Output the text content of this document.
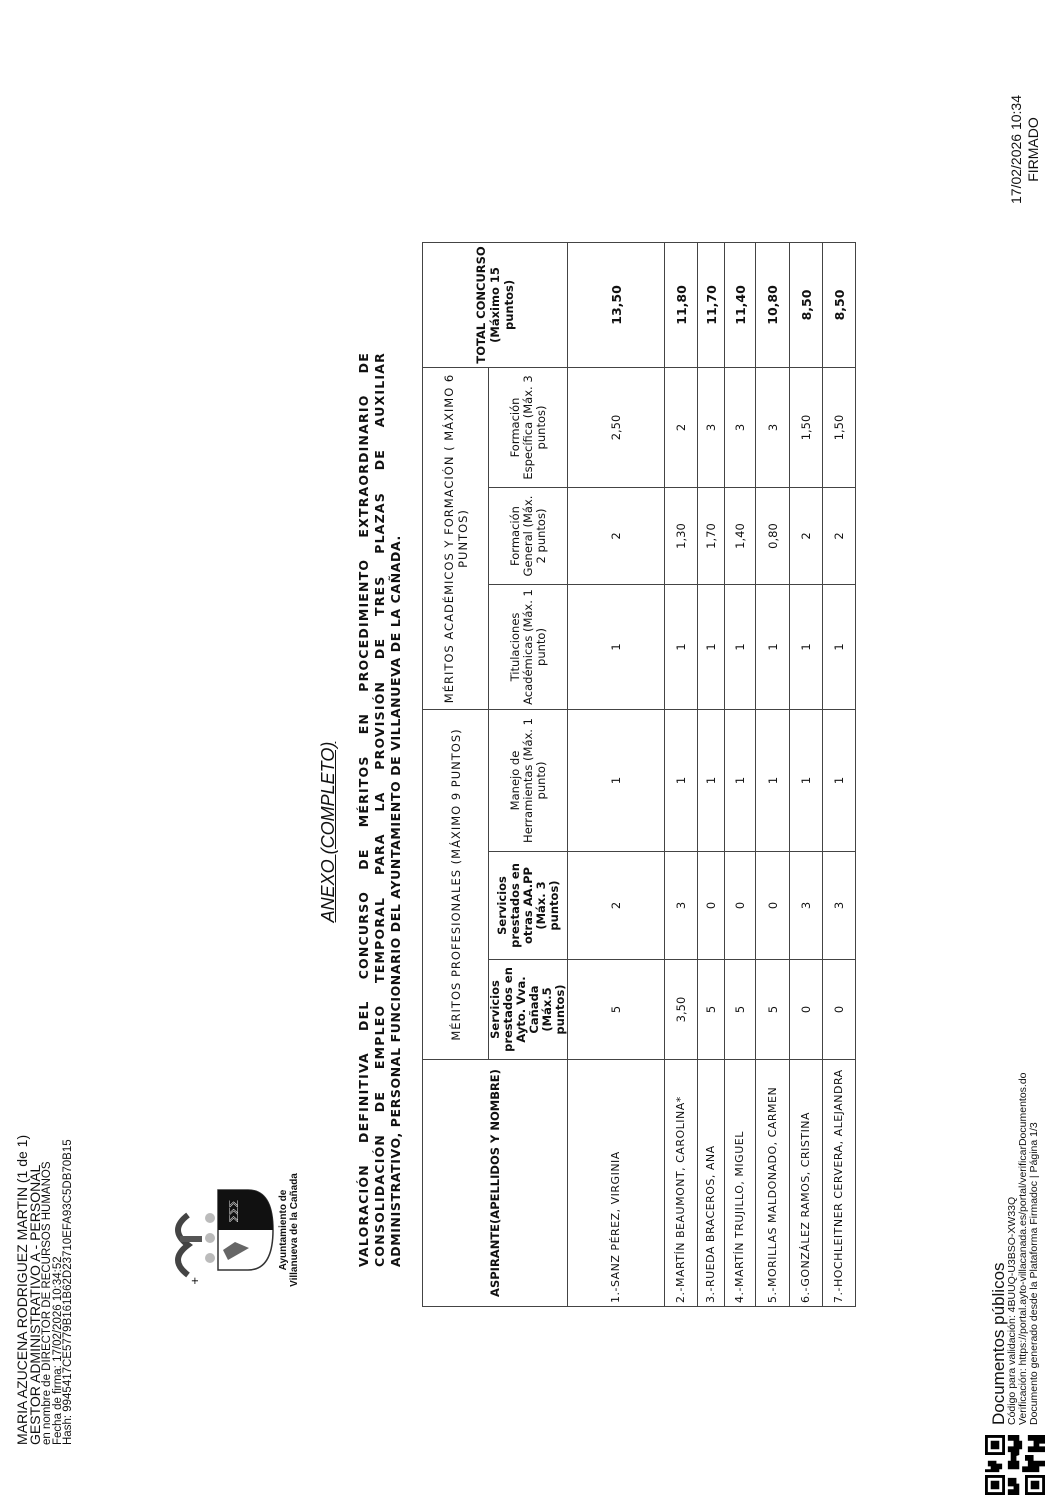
MARIA AZUCENA RODRIGUEZ MARTIN (1 de 1)
GESTOR ADMINISTRATIVO A - PERSONAL
en nombre de DIRECTOR DE RECURSOS HUMANOS
Fecha de firma: 17/02/2026 10:34:52
Hash: 9945417CE5779B161B62D23710EFA93C5DB70B15	+
⅀⅀⅀	Ayuntamiento de Villanueva de la Cañada
ANEXO (COMPLETO) VALORACIÓN DEFINITIVA DEL CONCURSO DE MÉRITOS EN PROCEDIMIENTO EXTRAORDINARIO DE CONSOLIDACIÓN DE EMPLEO TEMPORAL PARA LA PROVISIÓN DE TRES PLAZAS DE AUXILIAR ADMINISTRATIVO, PERSONAL FUNCIONARIO DEL AYUNTAMIENTO DE VILLANUEVA DE LA CAÑADA.	ASPIRANTE(APELLIDOS Y NOMBRE)	MÉRITOS PROFESIONALES (MÁXIMO 9 PUNTOS)			MÉRITOS ACADÉMICOS Y FORMACIÓN ( MÁXIMO 6 PUNTOS)			TOTAL CONCURSO (Máximo 15 puntos)
	Servicios prestados en Ayto. Vva. Cañada (Máx.5 puntos)	Servicios prestados en otras AA.PP (Máx. 3 puntos)	Manejo de Herramientas (Máx. 1 punto)	Titulaciones Académicas (Máx. 1 punto)	Formación General (Máx. 2 puntos)	Formación Específica (Máx. 3 puntos)	
1.-SANZ PÉREZ, VIRGINIA	5	2	1	1	2	2,50	13,50
2.-MARTÍN BEAUMONT, CAROLINA*	3,50	3	1	1	1,30	2	11,80
3.-RUEDA BRACEROS, ANA	5	0	1	1	1,70	3	11,70
4.-MARTÍN TRUJILLO, MIGUEL	5	0	1	1	1,40	3	11,40
5.-MORILLAS MALDONADO, CARMEN	5	0	1	1	0,80	3	10,80
6.-GONZÁLEZ RAMOS, CRISTINA	0	3	1	1	2	1,50	8,50
7.-HOCHLEITNER CERVERA, ALEJANDRA	0	3	1	1	2	1,50	8,50
Documentos públicos
Código para validación: 4BUUQ-U3BSO-XW33Q Verificación: https://portal.ayto-villacanada.es/portal/verificarDocumentos.do Documento generado desde la Plataforma Firmadoc | Página 1/3
17/02/2026 10:34 FIRMADO
